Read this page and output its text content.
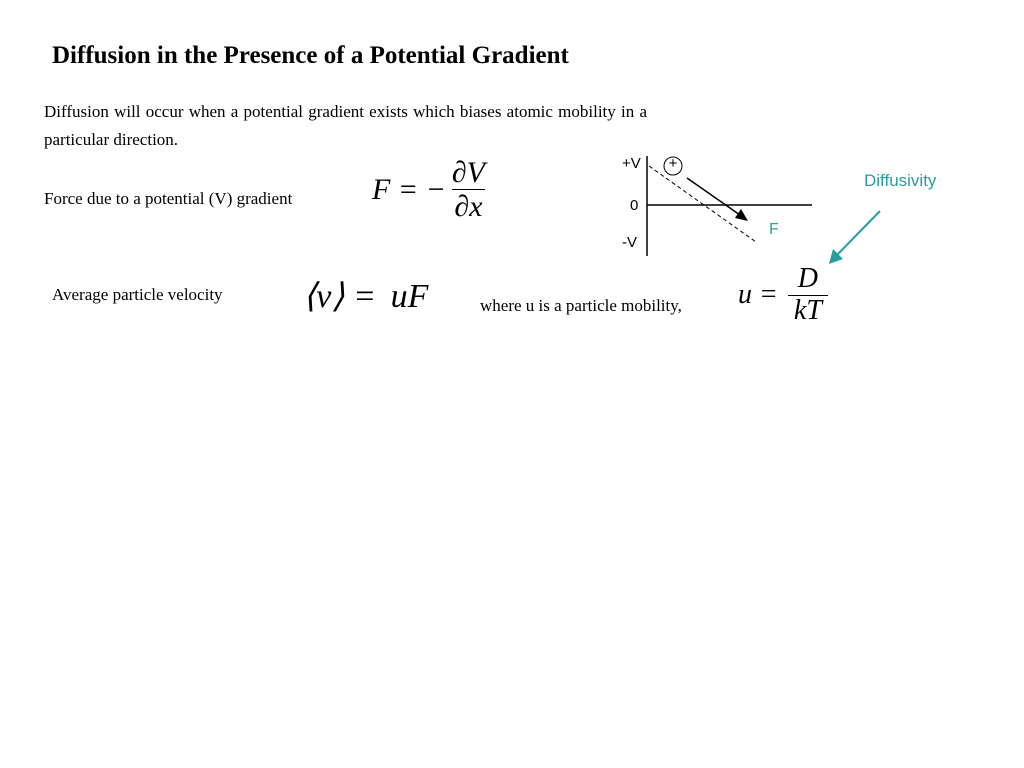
Diffusion in the Presence of a Potential Gradient
Diffusion will occur when a potential gradient exists which biases atomic mobility in a particular direction.
Force due to a potential (V) gradient	F = − $\frac{\partial V}{\partial x}$	+V
0
-V
+
F
Diffusivity
Average particle velocity ⟨v⟩ = uF	where u is a particle mobility, $u = \frac{D}{kT}$
